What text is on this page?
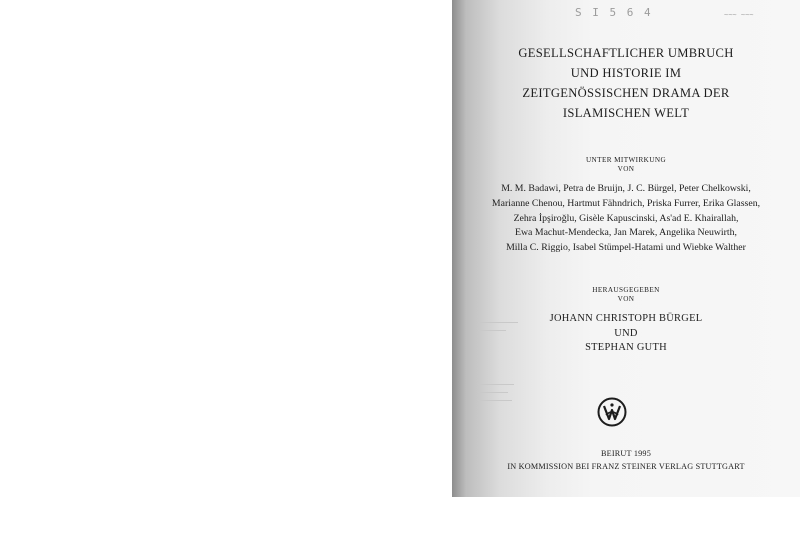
S I 5 6 4	~~~ ~~~
GESELLSCHAFTLICHER UMBRUCH
UND HISTORIE IM
ZEITGENÖSSISCHEN DRAMA DER
ISLAMISCHEN WELT
UNTER MITWIRKUNG
VON
M. M. Badawi, Petra de Bruijn, J. C. Bürgel, Peter Chelkowski,
Marianne Chenou, Hartmut Fähndrich, Priska Furrer, Erika Glassen,
Zehra İpşiroğlu, Gisèle Kapuscinski, As'ad E. Khairallah,
Ewa Machut-Mendecka, Jan Marek, Angelika Neuwirth,
Milla C. Riggio, Isabel Stümpel-Hatami und Wiebke Walther
HERAUSGEGEBEN
VON
JOHANN CHRISTOPH BÜRGEL
UND
STEPHAN GUTH
BEIRUT 1995
IN KOMMISSION BEI FRANZ STEINER VERLAG STUTTGART
